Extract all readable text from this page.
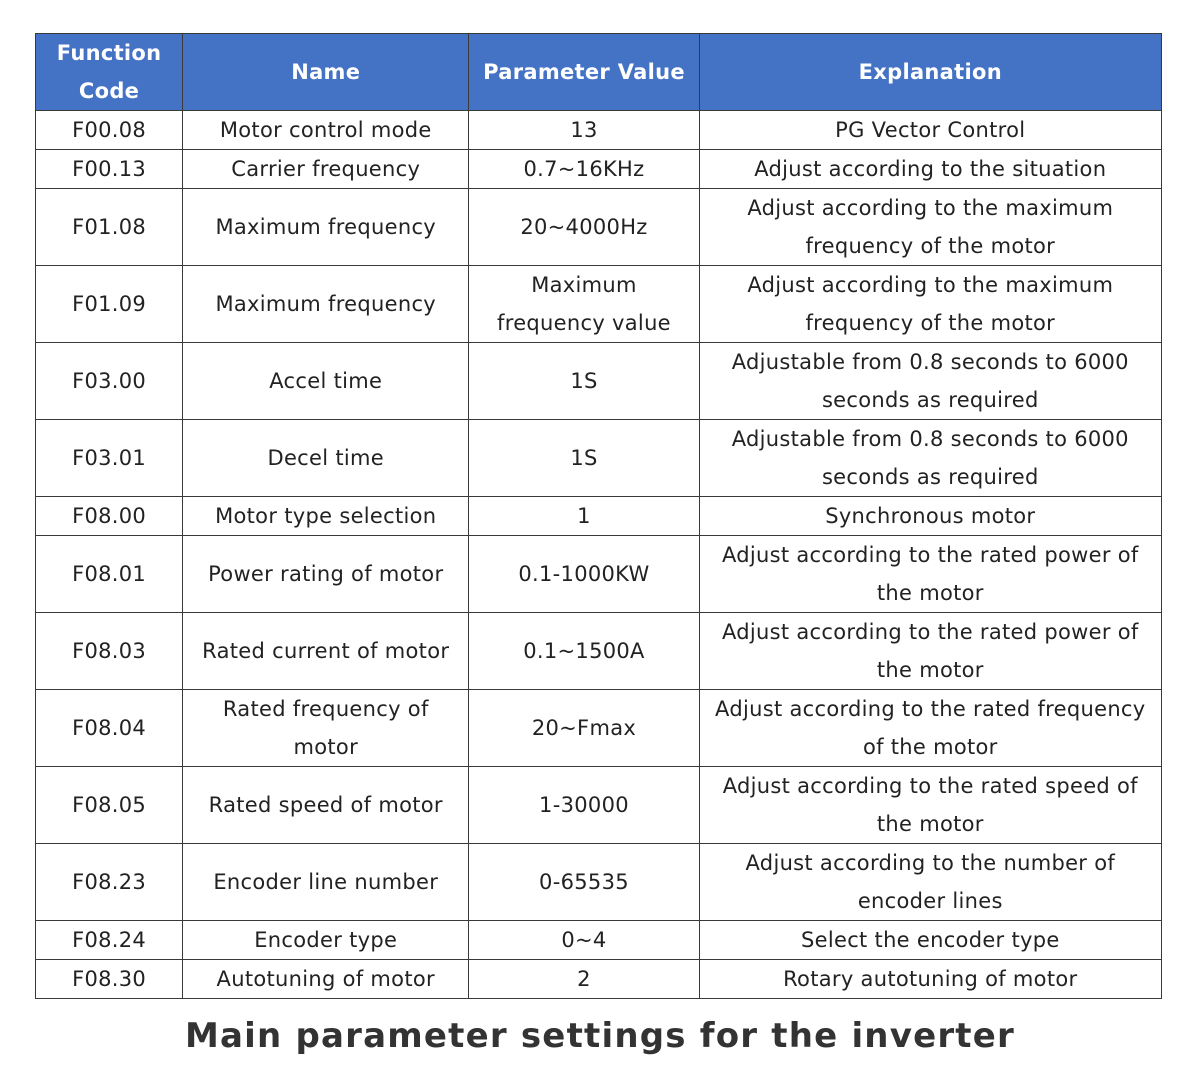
Function Code	Name	Parameter Value	Explanation
F00.08	Motor control mode	13	PG Vector Control
F00.13	Carrier frequency	0.7~16KHz	Adjust according to the situation
F01.08	Maximum frequency	20~4000Hz	Adjust according to the maximum frequency of the motor
F01.09	Maximum frequency	Maximum frequency value	Adjust according to the maximum frequency of the motor
F03.00	Accel time	1S	Adjustable from 0.8 seconds to 6000 seconds as required
F03.01	Decel time	1S	Adjustable from 0.8 seconds to 6000 seconds as required
F08.00	Motor type selection	1	Synchronous motor
F08.01	Power rating of motor	0.1-1000KW	Adjust according to the rated power of the motor
F08.03	Rated current of motor	0.1~1500A	Adjust according to the rated power of the motor
F08.04	Rated frequency of motor	20~Fmax	Adjust according to the rated frequency of the motor
F08.05	Rated speed of motor	1-30000	Adjust according to the rated speed of the motor
F08.23	Encoder line number	0-65535	Adjust according to the number of encoder lines
F08.24	Encoder type	0~4	Select the encoder type
F08.30	Autotuning of motor	2	Rotary autotuning of motor
Main parameter settings for the inverter
